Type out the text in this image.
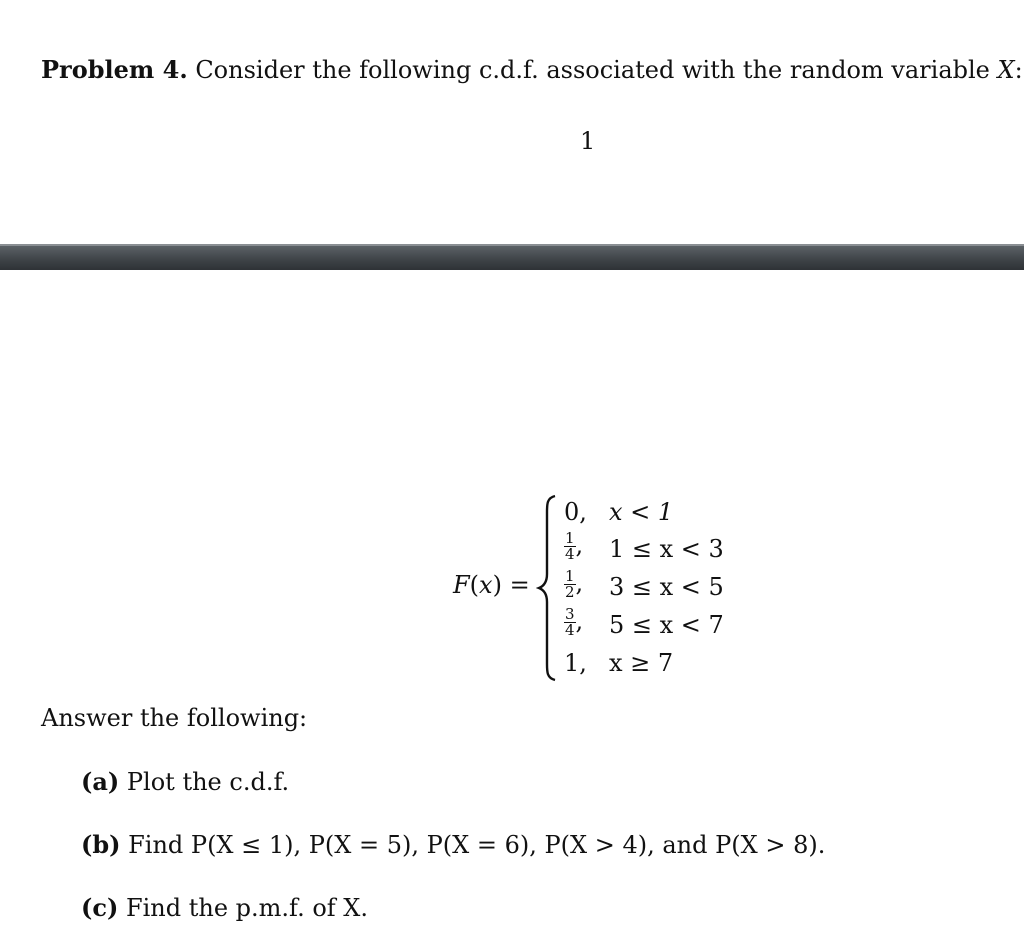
Problem 4. Consider the following c.d.f. associated with the random variable X:
1
F(x) =
0, x < 1
$\frac{1}{4}$ , 1 ≤ x < 3
$\frac{1}{2}$ , 3 ≤ x < 5
$\frac{3}{4}$ , 5 ≤ x < 7
1, x ≥ 7
Answer the following:
(a) Plot the c.d.f.
(b) Find P(X ≤ 1), P(X = 5), P(X = 6), P(X > 4), and P(X > 8).
(c) Find the p.m.f. of X.
